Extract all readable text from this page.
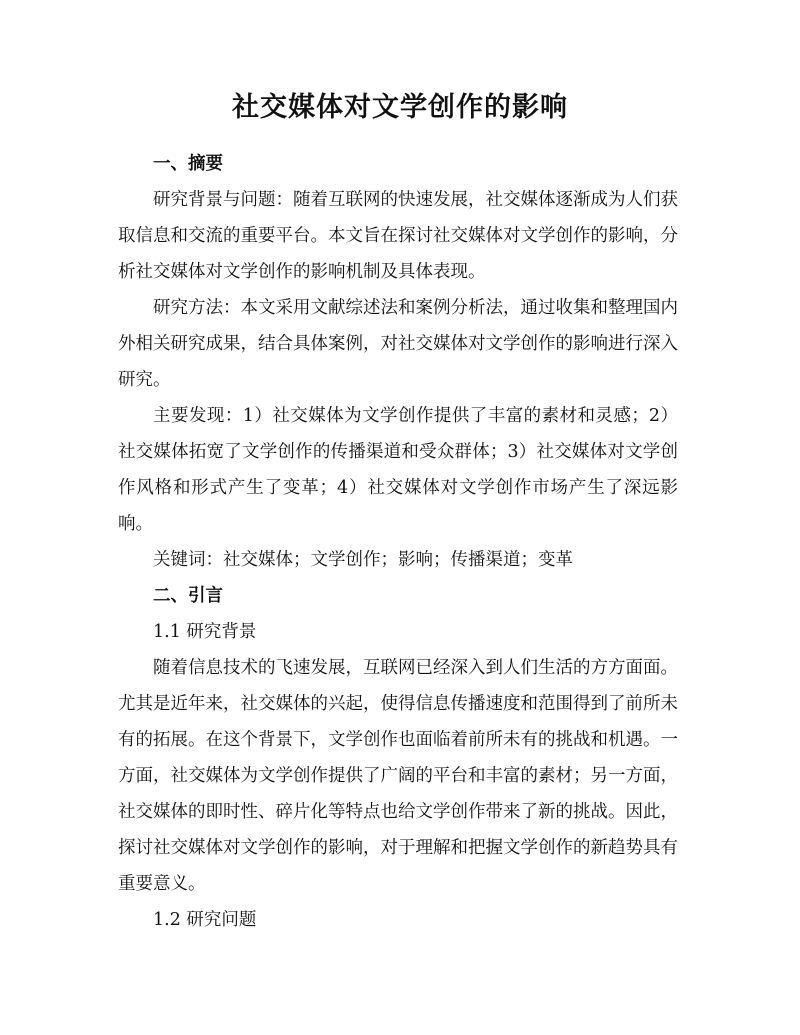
社交媒体对文学创作的影响

一、摘要

研究背景与问题：随着互联网的快速发展，社交媒体逐渐成为人们获取信息和交流的重要平台。本文旨在探讨社交媒体对文学创作的影响，分析社交媒体对文学创作的影响机制及具体表现。

研究方法：本文采用文献综述法和案例分析法，通过收集和整理国内外相关研究成果，结合具体案例，对社交媒体对文学创作的影响进行深入研究。

主要发现：1）社交媒体为文学创作提供了丰富的素材和灵感；2）社交媒体拓宽了文学创作的传播渠道和受众群体；3）社交媒体对文学创作风格和形式产生了变革；4）社交媒体对文学创作市场产生了深远影响。

关键词：社交媒体；文学创作；影响；传播渠道；变革

二、引言

1.1 研究背景

随着信息技术的飞速发展，互联网已经深入到人们生活的方方面面。尤其是近年来，社交媒体的兴起，使得信息传播速度和范围得到了前所未有的拓展。在这个背景下，文学创作也面临着前所未有的挑战和机遇。一方面，社交媒体为文学创作提供了广阔的平台和丰富的素材；另一方面，社交媒体的即时性、碎片化等特点也给文学创作带来了新的挑战。因此，探讨社交媒体对文学创作的影响，对于理解和把握文学创作的新趋势具有重要意义。

1.2 研究问题
